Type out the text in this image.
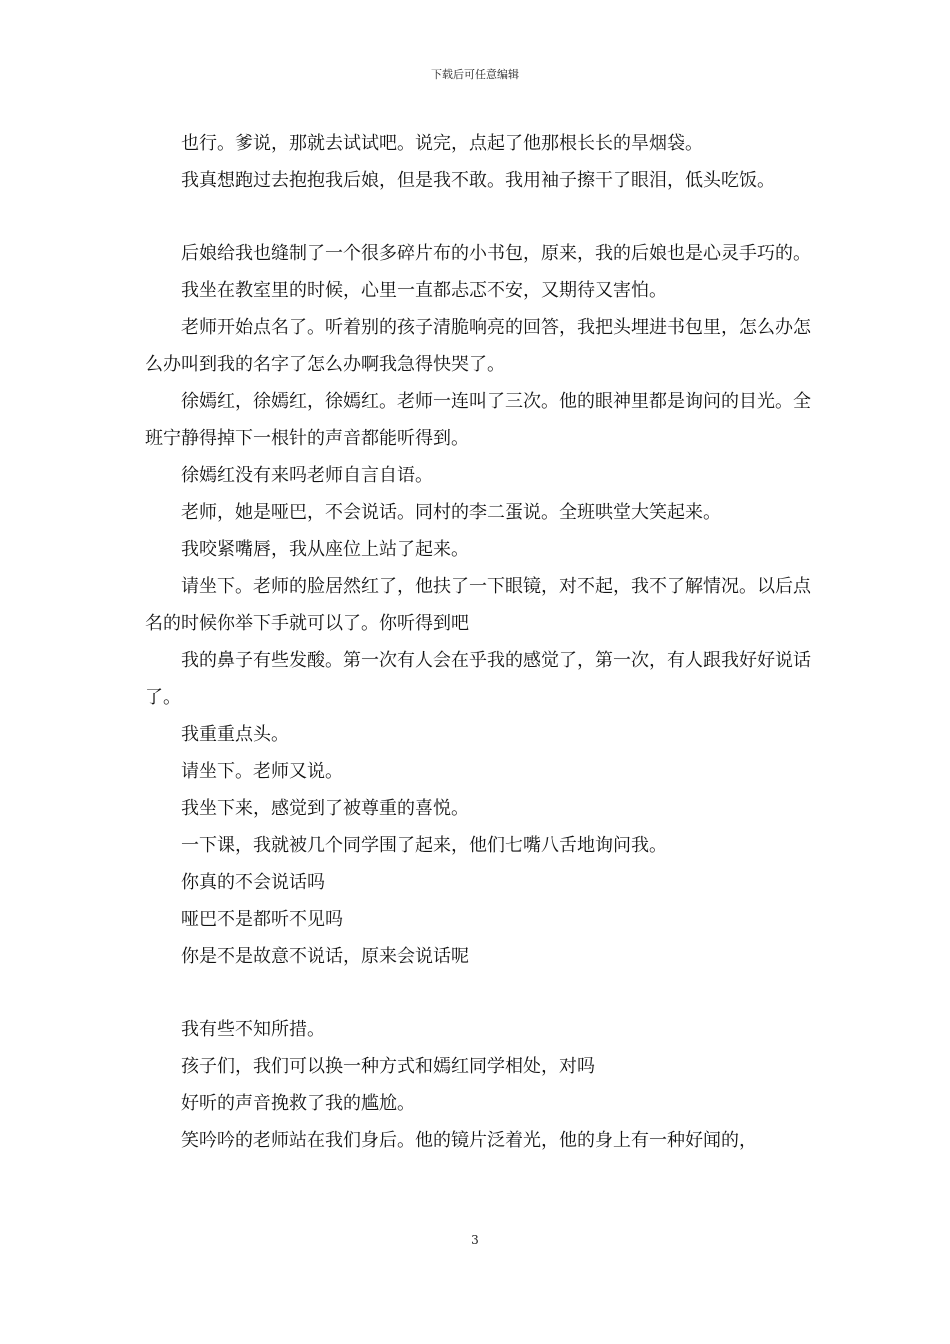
下载后可任意编辑

也行。爹说，那就去试试吧。说完，点起了他那根长长的旱烟袋。

我真想跑过去抱抱我后娘，但是我不敢。我用袖子擦干了眼泪，低头吃饭。

后娘给我也缝制了一个很多碎片布的小书包，原来，我的后娘也是心灵手巧的。

我坐在教室里的时候，心里一直都忐忑不安，又期待又害怕。

老师开始点名了。听着别的孩子清脆响亮的回答，我把头埋进书包里，怎么办怎么办叫到我的名字了怎么办啊我急得快哭了。

徐嫣红，徐嫣红，徐嫣红。老师一连叫了三次。他的眼神里都是询问的目光。全班宁静得掉下一根针的声音都能听得到。

徐嫣红没有来吗老师自言自语。

老师，她是哑巴，不会说话。同村的李二蛋说。全班哄堂大笑起来。

我咬紧嘴唇，我从座位上站了起来。

请坐下。老师的脸居然红了，他扶了一下眼镜，对不起，我不了解情况。以后点名的时候你举下手就可以了。你听得到吧

我的鼻子有些发酸。第一次有人会在乎我的感觉了，第一次，有人跟我好好说话了。

我重重点头。

请坐下。老师又说。

我坐下来，感觉到了被尊重的喜悦。

一下课，我就被几个同学围了起来，他们七嘴八舌地询问我。

你真的不会说话吗

哑巴不是都听不见吗

你是不是故意不说话，原来会说话呢

我有些不知所措。

孩子们，我们可以换一种方式和嫣红同学相处，对吗

好听的声音挽救了我的尴尬。

笑吟吟的老师站在我们身后。他的镜片泛着光，他的身上有一种好闻的，

3
